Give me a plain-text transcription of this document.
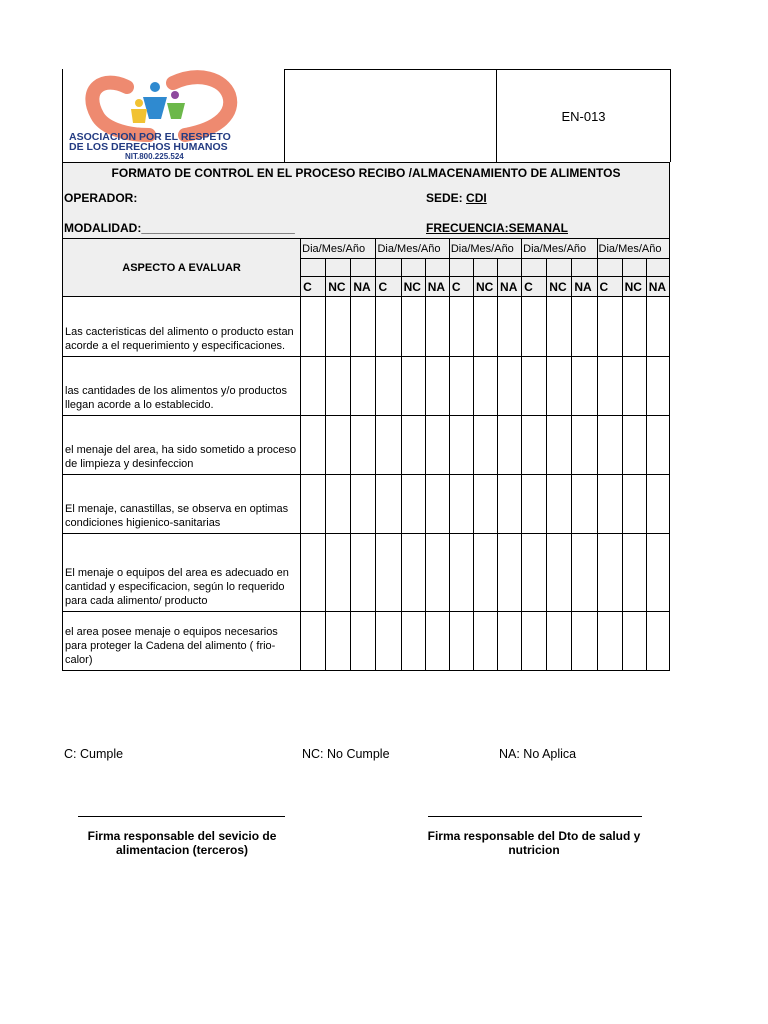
ASOCIACION POR EL RESPETO
DE LOS DERECHOS HUMANOS
NIT.800.225.524
EN-013
FORMATO DE CONTROL EN EL PROCESO RECIBO /ALMACENAMIENTO DE ALIMENTOS
OPERADOR:	SEDE: CDI
MODALIDAD:_______________________	FRECUENCIA:SEMANAL
ASPECTO A EVALUAR	Dia/Mes/Año			Dia/Mes/Año			Dia/Mes/Año			Dia/Mes/Año			Dia/Mes/Año		

	C	NC	NA	C	NC	NA	C	NC	NA	C	NC	NA	C	NC	NA

Las cacteristicas del alimento o producto estan acorde a el requerimiento y especificaciones.															

las cantidades de los alimentos y/o productos llegan acorde a lo establecido.															

el menaje del area, ha sido sometido a proceso de limpieza y desinfeccion															

El menaje, canastillas, se observa en optimas condiciones higienico-sanitarias															

El menaje o equipos del area es adecuado en cantidad y especificacion, según lo requerido para cada alimento/ producto															

el area posee menaje o equipos necesarios para proteger la Cadena del alimento ( frio-calor)															

C: Cumple	NC: No Cumple	NA: No Aplica
Firma responsable del sevicio de alimentacion (terceros)
Firma responsable del Dto de salud y nutricion
